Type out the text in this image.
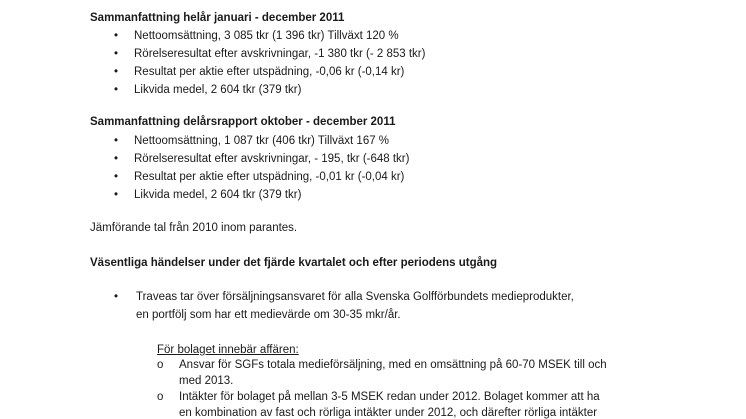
Sammanfattning helår januari - december 2011
• Nettoomsättning, 3 085 tkr (1 396 tkr) Tillväxt 120 %
• Rörelseresultat efter avskrivningar, -1 380 tkr (- 2 853 tkr)
• Resultat per aktie efter utspädning, -0,06 kr (-0,14 kr)
• Likvida medel, 2 604 tkr (379 tkr)
Sammanfattning delårsrapport oktober - december 2011
• Nettoomsättning, 1 087 tkr (406 tkr) Tillväxt 167 %
• Rörelseresultat efter avskrivningar, - 195, tkr (-648 tkr)
• Resultat per aktie efter utspädning, -0,01 kr (-0,04 kr)
• Likvida medel, 2 604 tkr (379 tkr)
Jämförande tal från 2010 inom parantes.
Väsentliga händelser under det fjärde kvartalet och efter periodens utgång
• Traveas tar över försäljningsansvaret för alla Svenska Golfförbundets medieprodukter,
en portfölj som har ett medievärde om 30-35 mkr/år.
För bolaget innebär affären:
o Ansvar för SGFs totala medieförsäljning, med en omsättning på 60-70 MSEK till och
med 2013.
o Intäkter för bolaget på mellan 3-5 MSEK redan under 2012. Bolaget kommer att ha
en kombination av fast och rörliga intäkter under 2012, och därefter rörliga intäkter
